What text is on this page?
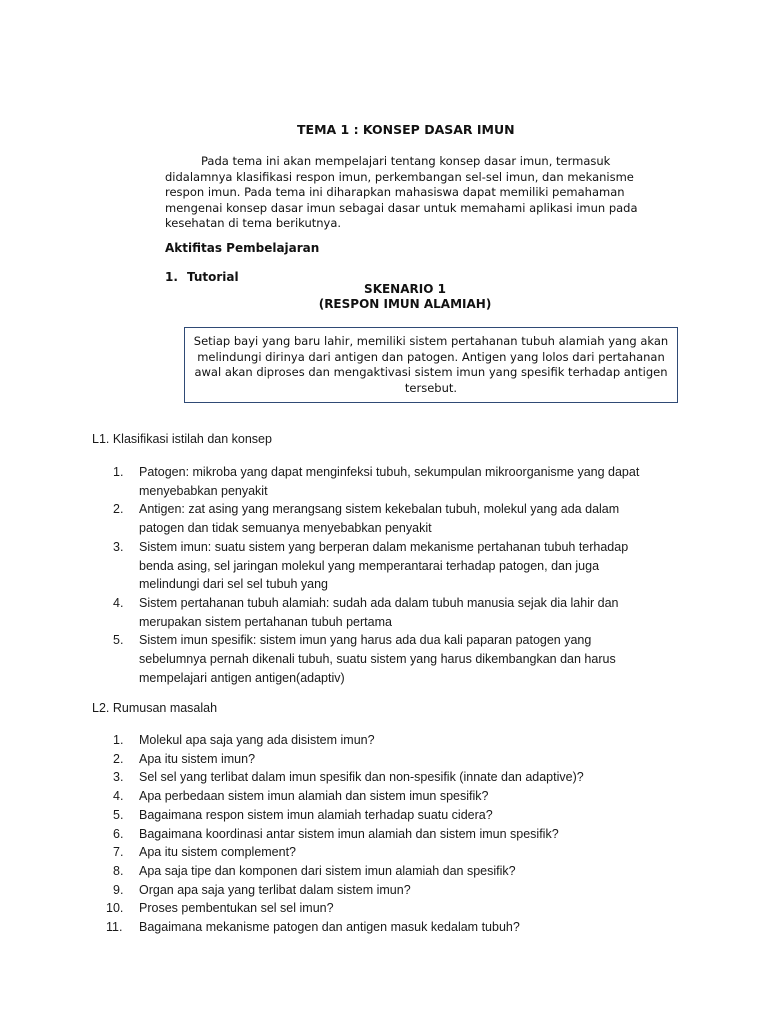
TEMA 1 : KONSEP DASAR IMUN
Pada tema ini akan mempelajari tentang konsep dasar imun, termasuk
didalamnya klasifikasi respon imun, perkembangan sel-sel imun, dan mekanisme
respon imun. Pada tema ini diharapkan mahasiswa dapat memiliki pemahaman
mengenai konsep dasar imun sebagai dasar untuk memahami aplikasi imun pada
kesehatan di tema berikutnya.
Aktifitas Pembelajaran
1. Tutorial
SKENARIO 1
(RESPON IMUN ALAMIAH)
Setiap bayi yang baru lahir, memiliki sistem pertahanan tubuh alamiah yang akan
melindungi dirinya dari antigen dan patogen. Antigen yang lolos dari pertahanan
awal akan diproses dan mengaktivasi sistem imun yang spesifik terhadap antigen
tersebut.
L1. Klasifikasi istilah dan konsep
1. Patogen: mikroba yang dapat menginfeksi tubuh, sekumpulan mikroorganisme yang dapat
menyebabkan penyakit
2. Antigen: zat asing yang merangsang sistem kekebalan tubuh, molekul yang ada dalam
patogen dan tidak semuanya menyebabkan penyakit
3. Sistem imun: suatu sistem yang berperan dalam mekanisme pertahanan tubuh terhadap
benda asing, sel jaringan molekul yang memperantarai terhadap patogen, dan juga
melindungi dari sel sel tubuh yang
4. Sistem pertahanan tubuh alamiah: sudah ada dalam tubuh manusia sejak dia lahir dan
merupakan sistem pertahanan tubuh pertama
5. Sistem imun spesifik: sistem imun yang harus ada dua kali paparan patogen yang
sebelumnya pernah dikenali tubuh, suatu sistem yang harus dikembangkan dan harus
mempelajari antigen antigen(adaptiv)
L2. Rumusan masalah
1. Molekul apa saja yang ada disistem imun?
2. Apa itu sistem imun?
3. Sel sel yang terlibat dalam imun spesifik dan non-spesifik (innate dan adaptive)?
4. Apa perbedaan sistem imun alamiah dan sistem imun spesifik?
5. Bagaimana respon sistem imun alamiah terhadap suatu cidera?
6. Bagaimana koordinasi antar sistem imun alamiah dan sistem imun spesifik?
7. Apa itu sistem complement?
8. Apa saja tipe dan komponen dari sistem imun alamiah dan spesifik?
9. Organ apa saja yang terlibat dalam sistem imun?
10. Proses pembentukan sel sel imun?
11. Bagaimana mekanisme patogen dan antigen masuk kedalam tubuh?
